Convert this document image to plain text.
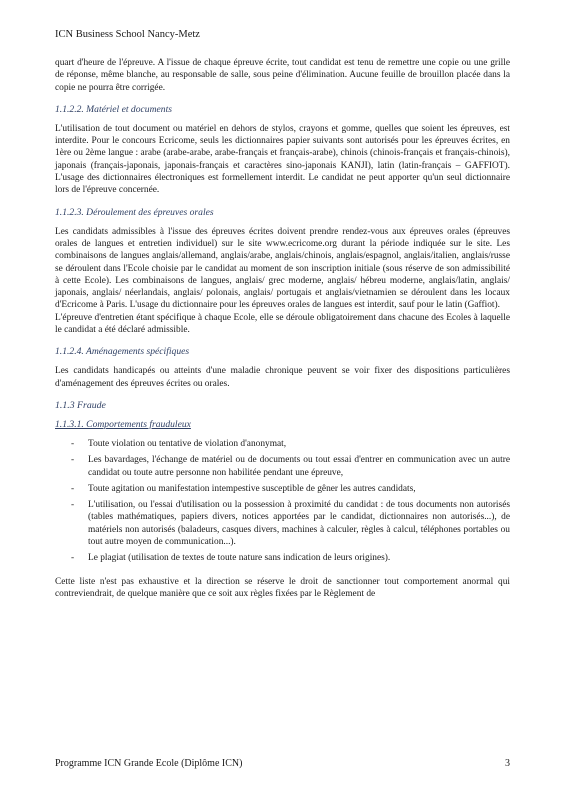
ICN Business School Nancy-Metz

quart d'heure de l'épreuve. A l'issue de chaque épreuve écrite, tout candidat est tenu de remettre une copie ou une grille de réponse, même blanche, au responsable de salle, sous peine d'élimination. Aucune feuille de brouillon placée dans la copie ne pourra être corrigée.

1.1.2.2. Matériel et documents

L'utilisation de tout document ou matériel en dehors de stylos, crayons et gomme, quelles que soient les épreuves, est interdite. Pour le concours Ecricome, seuls les dictionnaires papier suivants sont autorisés pour les épreuves écrites, en 1ère ou 2ème langue : arabe (arabe-arabe, arabe-français et français-arabe), chinois (chinois-français et français-chinois), japonais (français-japonais, japonais-français et caractères sino-japonais KANJI), latin (latin-français – GAFFIOT). L'usage des dictionnaires électroniques est formellement interdit. Le candidat ne peut apporter qu'un seul dictionnaire lors de l'épreuve concernée.

1.1.2.3. Déroulement des épreuves orales

Les candidats admissibles à l'issue des épreuves écrites doivent prendre rendez-vous aux épreuves orales (épreuves orales de langues et entretien individuel) sur le site www.ecricome.org durant la période indiquée sur le site. Les combinaisons de langues anglais/allemand, anglais/arabe, anglais/chinois, anglais/espagnol, anglais/italien, anglais/russe se déroulent dans l'Ecole choisie par le candidat au moment de son inscription initiale (sous réserve de son admissibilité à cette Ecole). Les combinaisons de langues, anglais/ grec moderne, anglais/ hébreu moderne, anglais/latin, anglais/ japonais, anglais/ néerlandais, anglais/ polonais, anglais/ portugais et anglais/vietnamien se déroulent dans les locaux d'Ecricome à Paris. L'usage du dictionnaire pour les épreuves orales de langues est interdit, sauf pour le latin (Gaffiot).

L'épreuve d'entretien étant spécifique à chaque Ecole, elle se déroule obligatoirement dans chacune des Ecoles à laquelle le candidat a été déclaré admissible.

1.1.2.4. Aménagements spécifiques

Les candidats handicapés ou atteints d'une maladie chronique peuvent se voir fixer des dispositions particulières d'aménagement des épreuves écrites ou orales.

1.1.3 Fraude
1.1.3.1. Comportements frauduleux
- Toute violation ou tentative de violation d'anonymat,
- Les bavardages, l'échange de matériel ou de documents ou tout essai d'entrer en communication avec un autre candidat ou toute autre personne non habilitée pendant une épreuve,
- Toute agitation ou manifestation intempestive susceptible de gêner les autres candidats,
- L'utilisation, ou l'essai d'utilisation ou la possession à proximité du candidat : de tous documents non autorisés (tables mathématiques, papiers divers, notices apportées par le candidat, dictionnaires non autorisés...), de matériels non autorisés (baladeurs, casques divers, machines à calculer, règles à calcul, téléphones portables ou tout autre moyen de communication...).
- Le plagiat (utilisation de textes de toute nature sans indication de leurs origines).

Cette liste n'est pas exhaustive et la direction se réserve le droit de sanctionner tout comportement anormal qui contreviendrait, de quelque manière que ce soit aux règles fixées par le Règlement de

Programme ICN Grande Ecole (Diplôme ICN)	3
